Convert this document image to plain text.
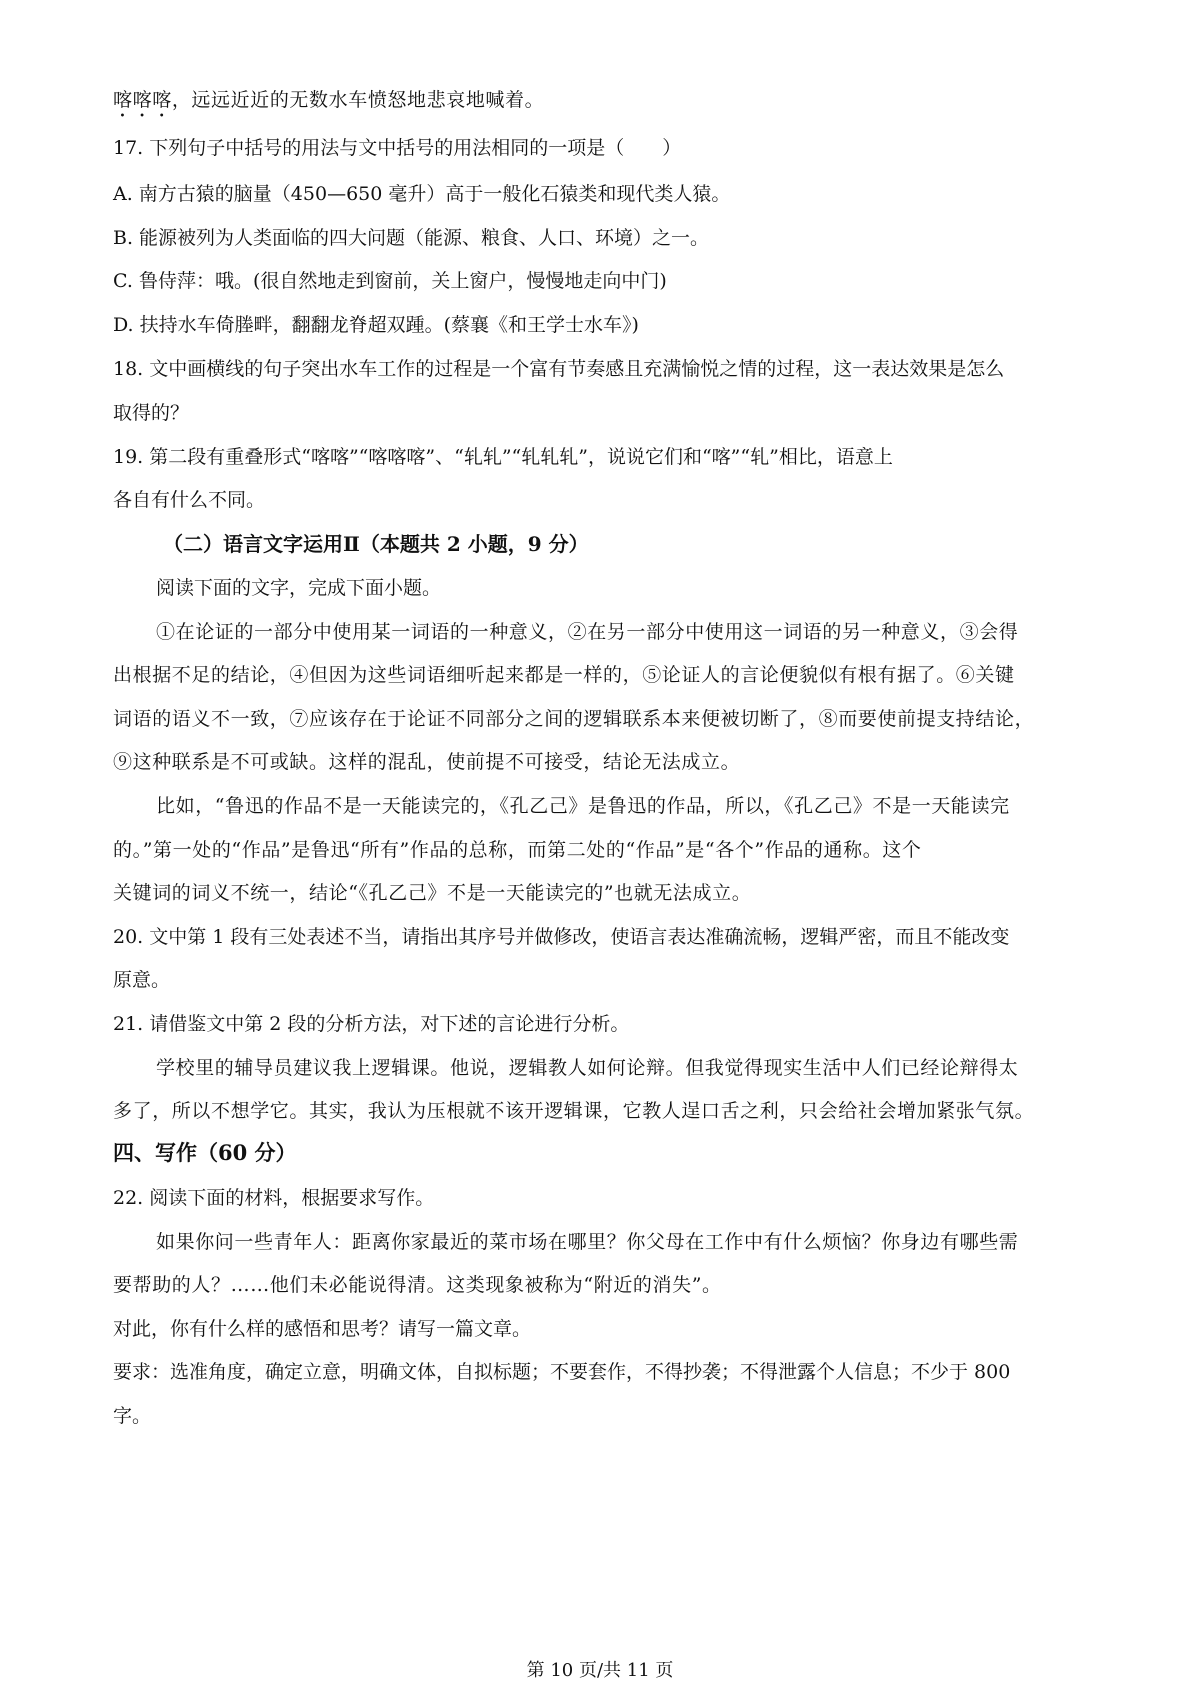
喀喀喀，远远近近的无数水车愤怒地悲哀地喊着。
17. 下列句子中括号的用法与文中括号的用法相同的一项是（　　）
A. 南方古猿的脑量（450—650 毫升）高于一般化石猿类和现代类人猿。
B. 能源被列为人类面临的四大问题（能源、粮食、人口、环境）之一。
C. 鲁侍萍：哦。(很自然地走到窗前，关上窗户，慢慢地走向中门)
D. 扶持水车倚塍畔，翻翻龙脊超双踵。(蔡襄《和王学士水车》)
18. 文中画横线的句子突出水车工作的过程是一个富有节奏感且充满愉悦之情的过程，这一表达效果是怎么
取得的？
19. 第二段有重叠形式“喀喀”“喀喀喀”、“轧轧”“轧轧轧”，说说它们和“喀”“轧”相比，语意上
各自有什么不同。
（二）语言文字运用Ⅱ（本题共 2 小题，9 分）
阅读下面的文字，完成下面小题。
①在论证的一部分中使用某一词语的一种意义，②在另一部分中使用这一词语的另一种意义，③会得
出根据不足的结论，④但因为这些词语细听起来都是一样的，⑤论证人的言论便貌似有根有据了。⑥关键
词语的语义不一致，⑦应该存在于论证不同部分之间的逻辑联系本来便被切断了，⑧而要使前提支持结论，
⑨这种联系是不可或缺。这样的混乱，使前提不可接受，结论无法成立。
比如，“鲁迅的作品不是一天能读完的，《孔乙己》是鲁迅的作品，所以，《孔乙己》不是一天能读完
的。”第一处的“作品”是鲁迅“所有”作品的总称，而第二处的“作品”是“各个”作品的通称。这个
关键词的词义不统一，结论“《孔乙己》不是一天能读完的”也就无法成立。
20. 文中第 1 段有三处表述不当，请指出其序号并做修改，使语言表达准确流畅，逻辑严密，而且不能改变
原意。
21. 请借鉴文中第 2 段的分析方法，对下述的言论进行分析。
学校里的辅导员建议我上逻辑课。他说，逻辑教人如何论辩。但我觉得现实生活中人们已经论辩得太
多了，所以不想学它。其实，我认为压根就不该开逻辑课，它教人逞口舌之利，只会给社会增加紧张气氛。
四、写作（60 分）
22. 阅读下面的材料，根据要求写作。
如果你问一些青年人：距离你家最近的菜市场在哪里？你父母在工作中有什么烦恼？你身边有哪些需
要帮助的人？……他们未必能说得清。这类现象被称为“附近的消失”。
对此，你有什么样的感悟和思考？请写一篇文章。
要求：选准角度，确定立意，明确文体，自拟标题；不要套作，不得抄袭；不得泄露个人信息；不少于 800
字。
第 10 页/共 11 页
